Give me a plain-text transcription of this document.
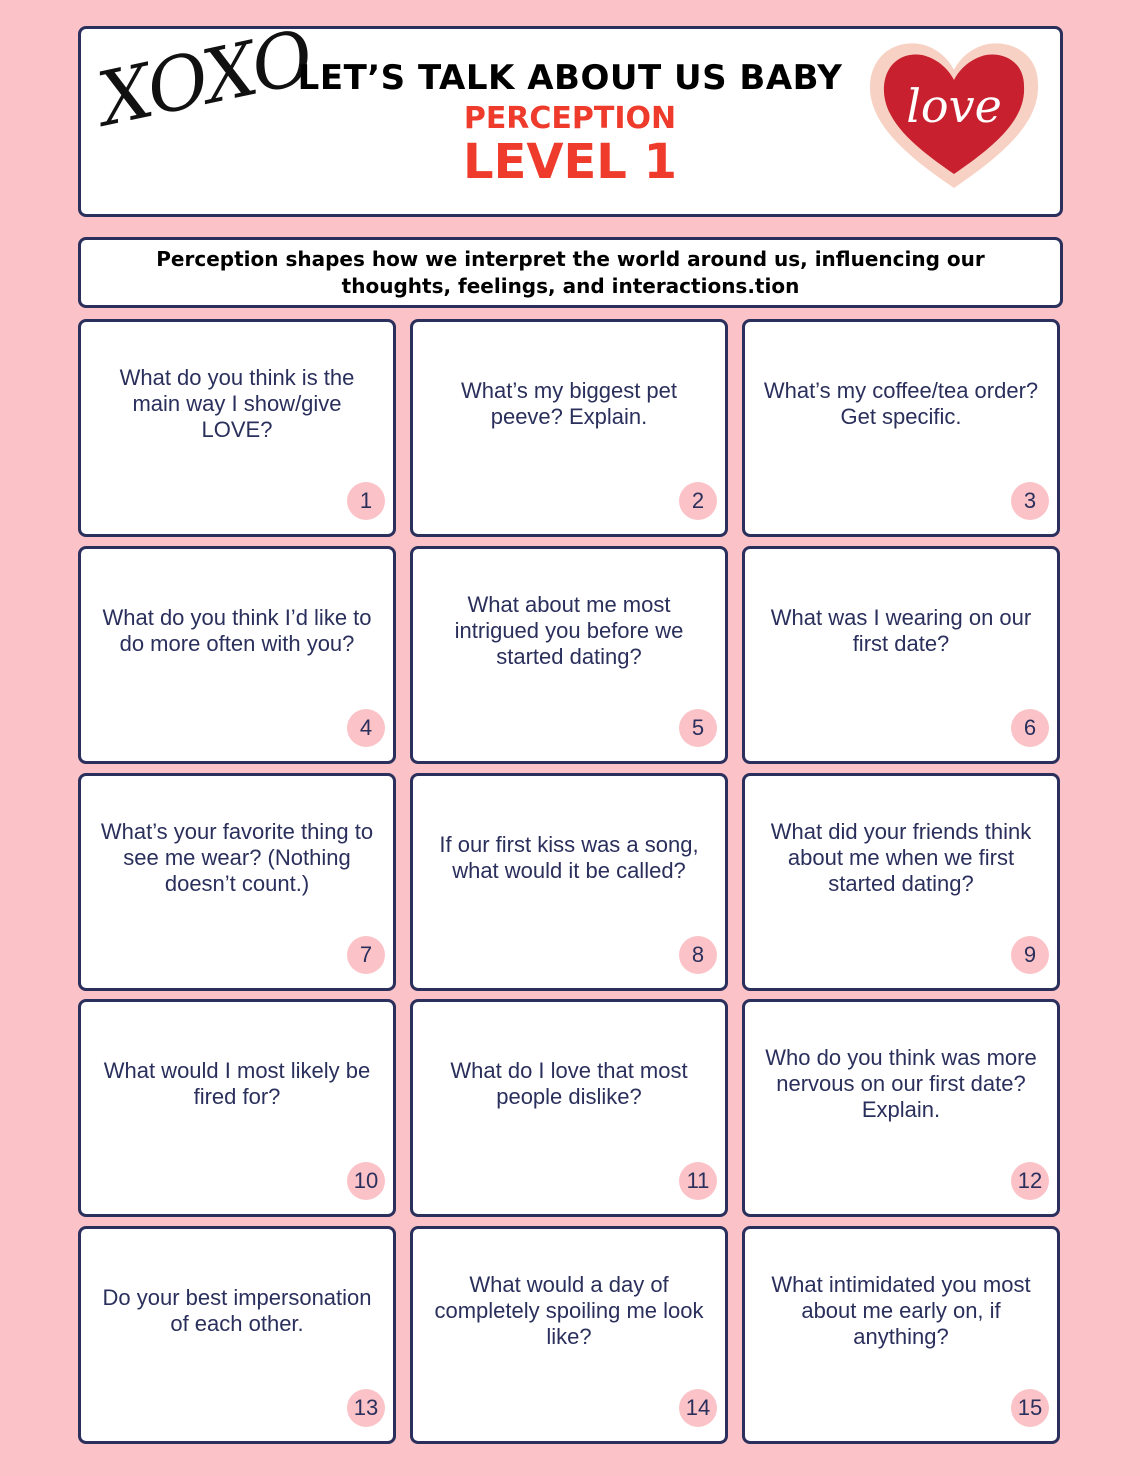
XOXO
LET’S TALK ABOUT US BABY
PERCEPTION
LEVEL 1
love
Perception shapes how we interpret the world around us, influencing our thoughts, feelings, and interactions.tion
What do you think is the main way I show/give LOVE?
1
What’s my biggest pet peeve? Explain.
2
What’s my coffee/tea order? Get specific.
3
What do you think I’d like to do more often with you?
4
What about me most intrigued you before we started dating?
5
What was I wearing on our first date?
6
What’s your favorite thing to see me wear? (Nothing doesn’t count.)
7
If our first kiss was a song, what would it be called?
8
What did your friends think about me when we first started dating?
9
What would I most likely be fired for?
10
What do I love that most people dislike?
11
Who do you think was more nervous on our first date? Explain.
12
Do your best impersonation of each other.
13
What would a day of completely spoiling me look like?
14
What intimidated you most about me early on, if anything?
15
